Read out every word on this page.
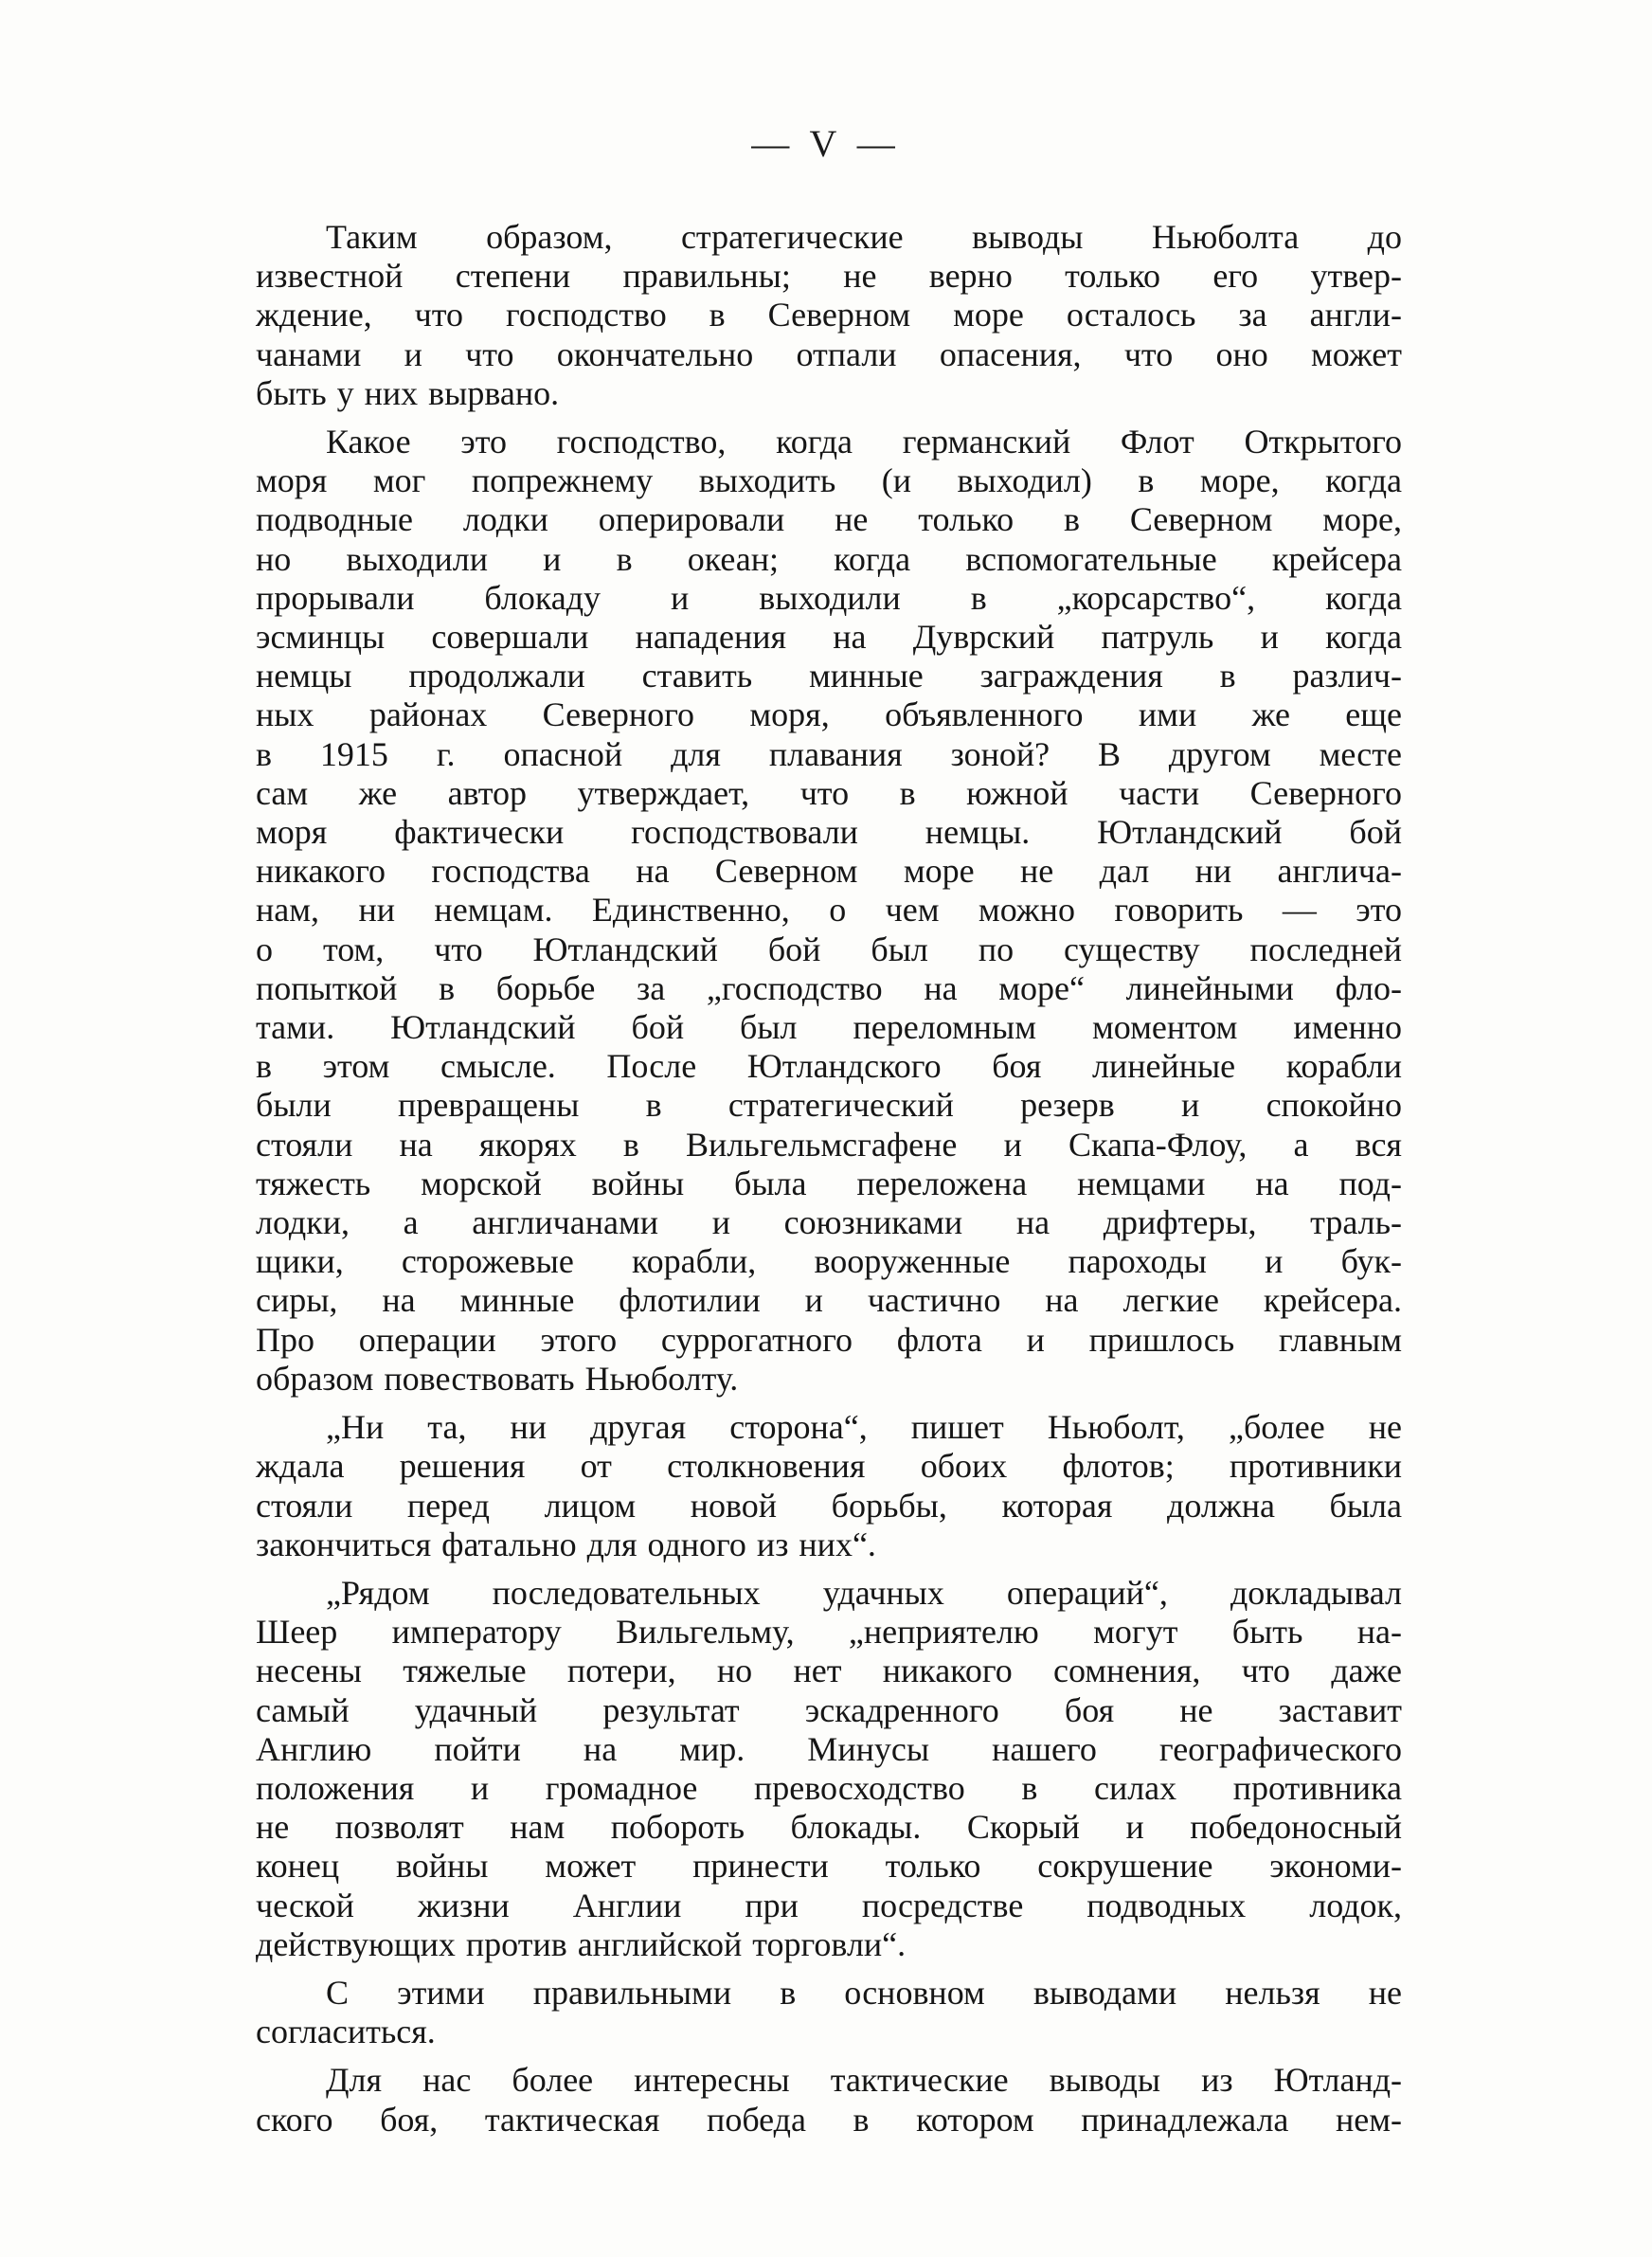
— V —

Таким образом, стратегические выводы Ньюболта до
известной степени правильны; не верно только его утвер-
ждение, что господство в Северном море осталось за англи-
чанами и что окончательно отпали опасения, что оно может
быть у них вырвано.

Какое это господство, когда германский Флот Открытого
моря мог попрежнему выходить (и выходил) в море, когда
подводные лодки оперировали не только в Северном море,
но выходили и в океан; когда вспомогательные крейсера
прорывали блокаду и выходили в „корсарство“, когда
эсминцы совершали нападения на Дуврский патруль и когда
немцы продолжали ставить минные заграждения в различ-
ных районах Северного моря, объявленного ими же еще
в 1915 г. опасной для плавания зоной? В другом месте
сам же автор утверждает, что в южной части Северного
моря фактически господствовали немцы. Ютландский бой
никакого господства на Северном море не дал ни англича-
нам, ни немцам. Единственно, о чем можно говорить — это
о том, что Ютландский бой был по существу последней
попыткой в борьбе за „господство на море“ линейными фло-
тами. Ютландский бой был переломным моментом именно
в этом смысле. После Ютландского боя линейные корабли
были превращены в стратегический резерв и спокойно
стояли на якорях в Вильгельмсгафене и Скапа-Флоу, а вся
тяжесть морской войны была переложена немцами на под-
лодки, а англичанами и союзниками на дрифтеры, траль-
щики, сторожевые корабли, вооруженные пароходы и бук-
сиры, на минные флотилии и частично на легкие крейсера.
Про операции этого суррогатного флота и пришлось главным
образом повествовать Ньюболту.

„Ни та, ни другая сторона“, пишет Ньюболт, „более не
ждала решения от столкновения обоих флотов; противники
стояли перед лицом новой борьбы, которая должна была
закончиться фатально для одного из них“.

„Рядом последовательных удачных операций“, докладывал
Шеер императору Вильгельму, „неприятелю могут быть на-
несены тяжелые потери, но нет никакого сомнения, что даже
самый удачный результат эскадренного боя не заставит
Англию пойти на мир. Минусы нашего географического
положения и громадное превосходство в силах противника
не позволят нам побороть блокады. Скорый и победоносный
конец войны может принести только сокрушение экономи-
ческой жизни Англии при посредстве подводных лодок,
действующих против английской торговли“.

С этими правильными в основном выводами нельзя не
согласиться.

Для нас более интересны тактические выводы из Ютланд-
ского боя, тактическая победа в котором принадлежала нем-
